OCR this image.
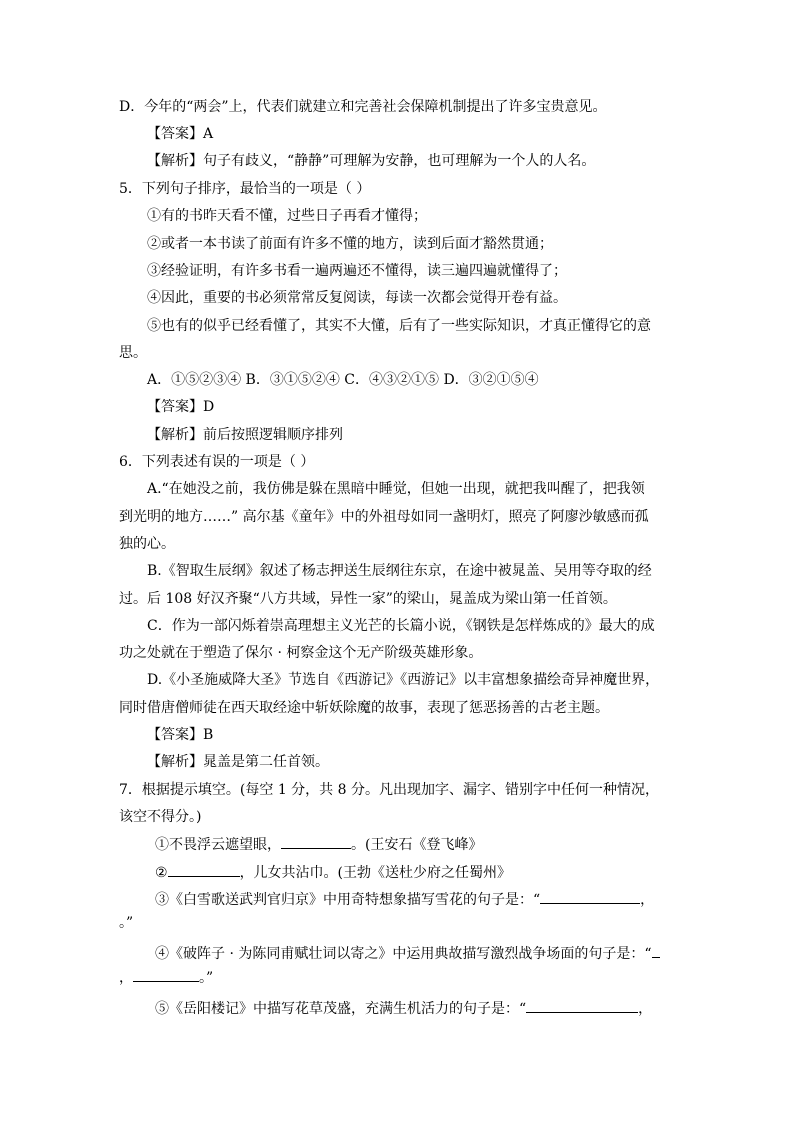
D．今年的“两会”上，代表们就建立和完善社会保障机制提出了许多宝贵意见。
【答案】A
【解析】句子有歧义，“静静”可理解为安静，也可理解为一个人的人名。
5．下列句子排序，最恰当的一项是（ ）
①有的书昨天看不懂，过些日子再看才懂得；
②或者一本书读了前面有许多不懂的地方，读到后面才豁然贯通；
③经验证明，有许多书看一遍两遍还不懂得，读三遍四遍就懂得了；
④因此，重要的书必须常常反复阅读，每读一次都会觉得开卷有益。
⑤也有的似乎已经看懂了，其实不大懂，后有了一些实际知识，才真正懂得它的意
思。
A．①⑤②③④ B．③①⑤②④ C．④③②①⑤ D．③②①⑤④
【答案】D
【解析】前后按照逻辑顺序排列
6．下列表述有误的一项是（ ）
A.“在她没之前，我仿佛是躲在黑暗中睡觉，但她一出现，就把我叫醒了，把我领
到光明的地方……” 高尔基《童年》中的外祖母如同一盏明灯，照亮了阿廖沙敏感而孤
独的心。
B.《智取生辰纲》叙述了杨志押送生辰纲往东京，在途中被晁盖、吴用等夺取的经
过。后 108 好汉齐聚“八方共域，异性一家”的梁山，晁盖成为梁山第一任首领。
C．作为一部闪烁着崇高理想主义光芒的长篇小说，《钢铁是怎样炼成的》最大的成
功之处就在于塑造了保尔 · 柯察金这个无产阶级英雄形象。
D.《小圣施威降大圣》节选自《西游记》《西游记》以丰富想象描绘奇异神魔世界，
同时借唐僧师徒在西天取经途中斩妖除魔的故事，表现了惩恶扬善的古老主题。
【答案】B
【解析】晁盖是第二任首领。
7．根据提示填空。(每空 1 分，共 8 分。凡出现加字、漏字、错别字中任何一种情况，
该空不得分。)
①不畏浮云遮望眼，	。(王安石《登飞峰》
②	，儿女共沾巾。(王勃《送杜少府之任蜀州》
③《白雪歌送武判官归京》中用奇特想象描写雪花的句子是：“	，
。”
④《破阵子 · 为陈同甫赋壮词以寄之》中运用典故描写激烈战争场面的句子是：“
，	。”
⑤《岳阳楼记》中描写花草茂盛，充满生机活力的句子是：“	，
